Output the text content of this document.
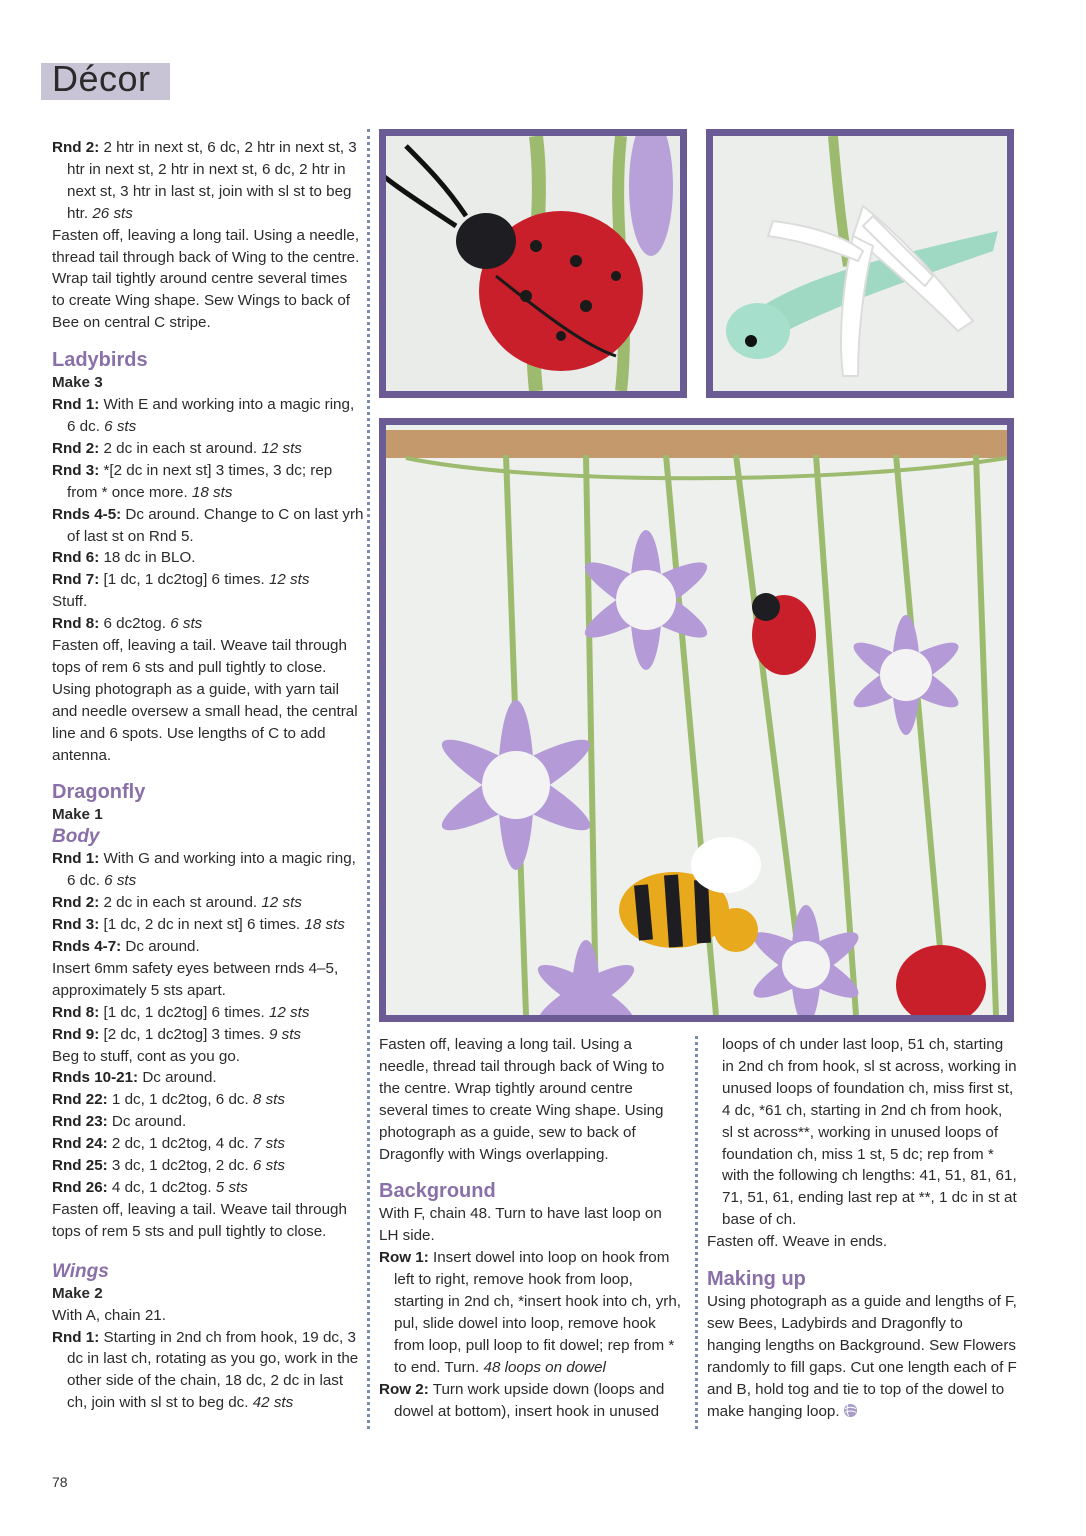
Décor

Rnd 2: 2 htr in next st, 6 dc, 2 htr in next st, 3 htr in next st, 2 htr in next st, 6 dc, 2 htr in next st, 3 htr in last st, join with sl st to beg htr. 26 sts

Fasten off, leaving a long tail. Using a needle, thread tail through back of Wing to the centre. Wrap tail tightly around centre several times to create Wing shape. Sew Wings to back of Bee on central C stripe.

Ladybirds

Make 3

Rnd 1: With E and working into a magic ring, 6 dc. 6 sts

Rnd 2: 2 dc in each st around. 12 sts

Rnd 3: *[2 dc in next st] 3 times, 3 dc; rep from * once more. 18 sts

Rnds 4-5: Dc around. Change to C on last yrh of last st on Rnd 5.

Rnd 6: 18 dc in BLO.

Rnd 7: [1 dc, 1 dc2tog] 6 times. 12 sts

Stuff.

Rnd 8: 6 dc2tog. 6 sts

Fasten off, leaving a tail. Weave tail through tops of rem 6 sts and pull tightly to close. Using photograph as a guide, with yarn tail and needle oversew a small head, the central line and 6 spots. Use lengths of C to add antenna.

Dragonfly

Make 1

Body

Rnd 1: With G and working into a magic ring, 6 dc. 6 sts

Rnd 2: 2 dc in each st around. 12 sts

Rnd 3: [1 dc, 2 dc in next st] 6 times. 18 sts

Rnds 4-7: Dc around.

Insert 6mm safety eyes between rnds 4–5, approximately 5 sts apart.

Rnd 8: [1 dc, 1 dc2tog] 6 times. 12 sts

Rnd 9: [2 dc, 1 dc2tog] 3 times. 9 sts

Beg to stuff, cont as you go.

Rnds 10-21: Dc around.

Rnd 22: 1 dc, 1 dc2tog, 6 dc. 8 sts

Rnd 23: Dc around.

Rnd 24: 2 dc, 1 dc2tog, 4 dc. 7 sts

Rnd 25: 3 dc, 1 dc2tog, 2 dc. 6 sts

Rnd 26: 4 dc, 1 dc2tog. 5 sts

Fasten off, leaving a tail. Weave tail through tops of rem 5 sts and pull tightly to close.

Wings

Make 2

With A, chain 21.

Rnd 1: Starting in 2nd ch from hook, 19 dc, 3 dc in last ch, rotating as you go, work in the other side of the chain, 18 dc, 2 dc in last ch, join with sl st to beg dc. 42 sts

Fasten off, leaving a long tail. Using a needle, thread tail through back of Wing to the centre. Wrap tightly around centre several times to create Wing shape. Using photograph as a guide, sew to back of Dragonfly with Wings overlapping.

Background

With F, chain 48. Turn to have last loop on LH side.

Row 1: Insert dowel into loop on hook from left to right, remove hook from loop, starting in 2nd ch, *insert hook into ch, yrh, pul, slide dowel into loop, remove hook from loop, pull loop to fit dowel; rep from * to end. Turn. 48 loops on dowel

Row 2: Turn work upside down (loops and dowel at bottom), insert hook in unused

loops of ch under last loop, 51 ch, starting in 2nd ch from hook, sl st across, working in unused loops of foundation ch, miss first st, 4 dc, *61 ch, starting in 2nd ch from hook, sl st across**, working in unused loops of foundation ch, miss 1 st, 5 dc; rep from * with the following ch lengths: 41, 51, 81, 61, 71, 51, 61, ending last rep at **, 1 dc in st at base of ch.

Fasten off. Weave in ends.

Making up

Using photograph as a guide and lengths of F, sew Bees, Ladybirds and Dragonfly to hanging lengths on Background. Sew Flowers randomly to fill gaps. Cut one length each of F and B, hold tog and tie to top of the dowel to make hanging loop.

78
